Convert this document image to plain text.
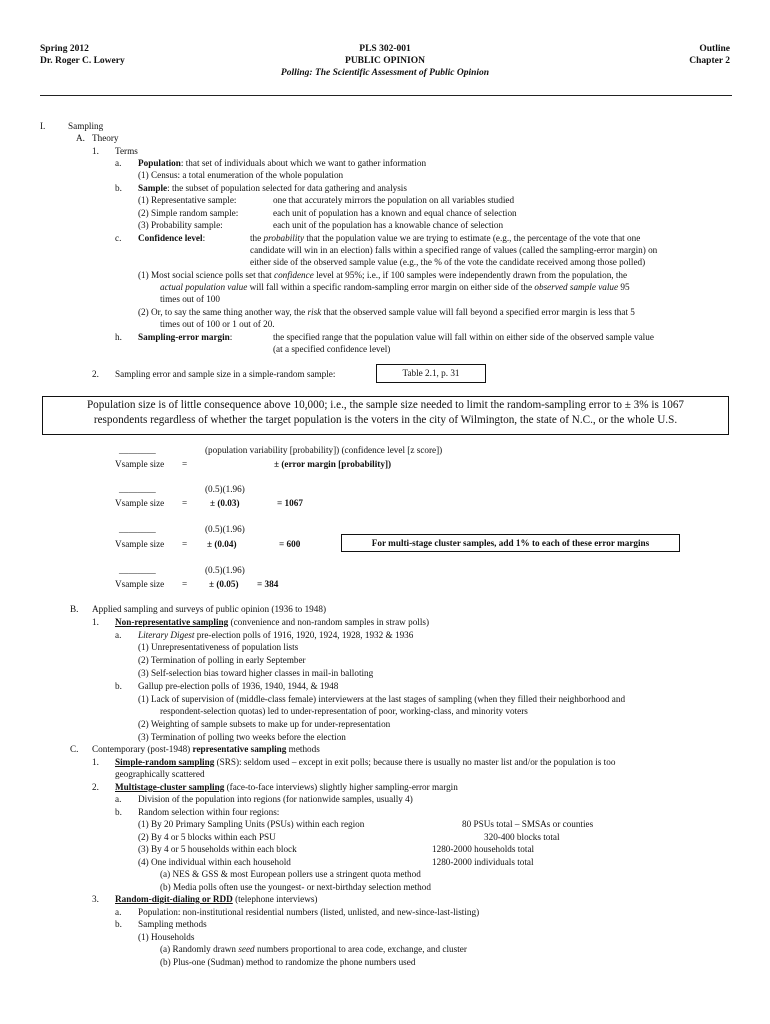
Spring 2012
Dr. Roger C. Lowery
PLS 302-001
PUBLIC OPINION
Polling: The Scientific Assessment of Public Opinion
Outline
Chapter 2
I. Sampling
A. Theory
1. Terms
a. Population: that set of individuals about which we want to gather information
(1) Census: a total enumeration of the whole population
b. Sample: the subset of population selected for data gathering and analysis
(1) Representative sample:	one that accurately mirrors the population on all variables studied
(2) Simple random sample:	each unit of population has a known and equal chance of selection
(3) Probability sample:	each unit of the population has a knowable chance of selection
c. Confidence level:	the probability that the population value we are trying to estimate (e.g., the percentage of the vote that one
candidate will win in an election) falls within a specified range of values (called the sampling-error margin) on
either side of the observed sample value (e.g., the % of the vote the candidate received among those polled)
(1) Most social science polls set that confidence level at 95%; i.e., if 100 samples were independently drawn from the population, the
actual population value will fall within a specific random-sampling error margin on either side of the observed sample value 95
times out of 100
(2) Or, to say the same thing another way, the risk that the observed sample value will fall beyond a specified error margin is less that 5
times out of 100 or 1 out of 20.
h. Sampling-error margin:	the specified range that the population value will fall within on either side of the observed sample value
(at a specified confidence level)
2. Sampling error and sample size in a simple-random sample:	Table 2.1, p. 31
Population size is of little consequence above 10,000; i.e., the sample size needed to limit the random-sampling error to ± 3% is 1067
respondents regardless of whether the target population is the voters in the city of Wilmington, the state of N.C., or the whole U.S.
________	(population variability [probability]) (confidence level [z score])
Vsample size =	± (error margin [probability])
________	(0.5)(1.96)
Vsample size = ± (0.03)	= 1067
________	(0.5)(1.96)
Vsample size = ± (0.04)	= 600	For multi-stage cluster samples, add 1% to each of these error margins
________	(0.5)(1.96)
Vsample size = ± (0.05) = 384
B. Applied sampling and surveys of public opinion (1936 to 1948)
1. Non-representative sampling (convenience and non-random samples in straw polls)
a. Literary Digest pre-election polls of 1916, 1920, 1924, 1928, 1932 & 1936
(1) Unrepresentativeness of population lists
(2) Termination of polling in early September
(3) Self-selection bias toward higher classes in mail-in balloting
b. Gallup pre-election polls of 1936, 1940, 1944, & 1948
(1) Lack of supervision of (middle-class female) interviewers at the last stages of sampling (when they filled their neighborhood and
respondent-selection quotas) led to under-representation of poor, working-class, and minority voters
(2) Weighting of sample subsets to make up for under-representation
(3) Termination of polling two weeks before the election
C. Contemporary (post-1948) representative sampling methods
1. Simple-random sampling (SRS): seldom used – except in exit polls; because there is usually no master list and/or the population is too
geographically scattered
2. Multistage-cluster sampling (face-to-face interviews) slightly higher sampling-error margin
a. Division of the population into regions (for nationwide samples, usually 4)
b. Random selection within four regions:
(1) By 20 Primary Sampling Units (PSUs) within each region	80 PSUs total – SMSAs or counties
(2) By 4 or 5 blocks within each PSU	320-400 blocks total
(3) By 4 or 5 households within each block	1280-2000 households total
(4) One individual within each household	1280-2000 individuals total
(a) NES & GSS & most European pollers use a stringent quota method
(b) Media polls often use the youngest- or next-birthday selection method
3. Random-digit-dialing or RDD (telephone interviews)
a. Population: non-institutional residential numbers (listed, unlisted, and new-since-last-listing)
b. Sampling methods
(1) Households
(a) Randomly drawn seed numbers proportional to area code, exchange, and cluster
(b) Plus-one (Sudman) method to randomize the phone numbers used
